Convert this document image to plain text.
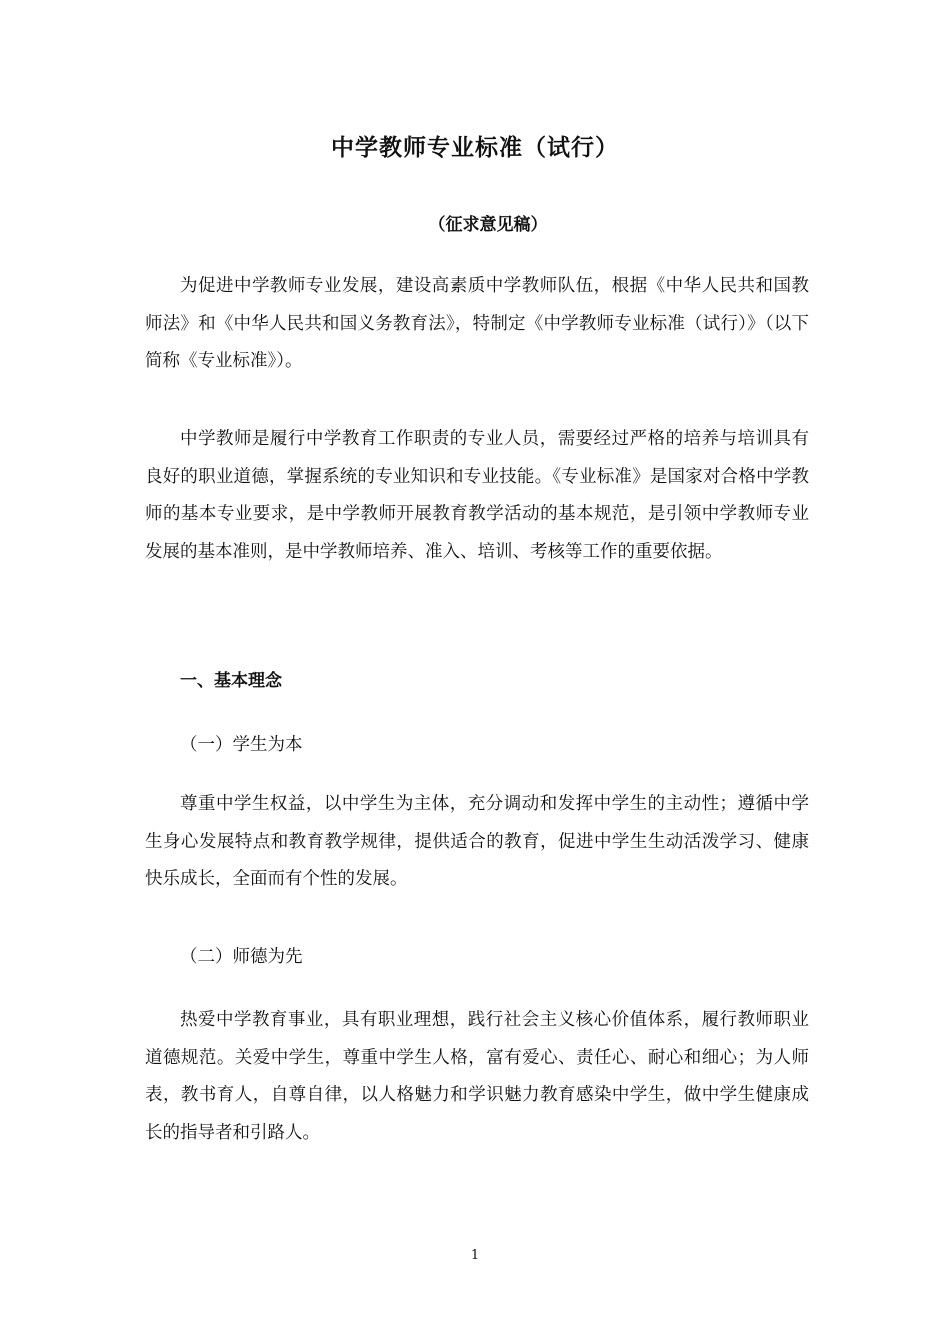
中学教师专业标准（试行）
（征求意见稿）

为促进中学教师专业发展，建设高素质中学教师队伍，根据《中华人民共和国教师法》和《中华人民共和国义务教育法》，特制定《中学教师专业标准（试行）》（以下简称《专业标准》）。

中学教师是履行中学教育工作职责的专业人员，需要经过严格的培养与培训具有良好的职业道德，掌握系统的专业知识和专业技能。《专业标准》是国家对合格中学教师的基本专业要求，是中学教师开展教育教学活动的基本规范，是引领中学教师专业发展的基本准则，是中学教师培养、准入、培训、考核等工作的重要依据。

一、基本理念
（一）学生为本

尊重中学生权益，以中学生为主体，充分调动和发挥中学生的主动性；遵循中学生身心发展特点和教育教学规律，提供适合的教育，促进中学生生动活泼学习、健康快乐成长，全面而有个性的发展。

（二）师德为先

热爱中学教育事业，具有职业理想，践行社会主义核心价值体系，履行教师职业道德规范。关爱中学生，尊重中学生人格，富有爱心、责任心、耐心和细心；为人师表，教书育人，自尊自律，以人格魅力和学识魅力教育感染中学生，做中学生健康成长的指导者和引路人。

1
